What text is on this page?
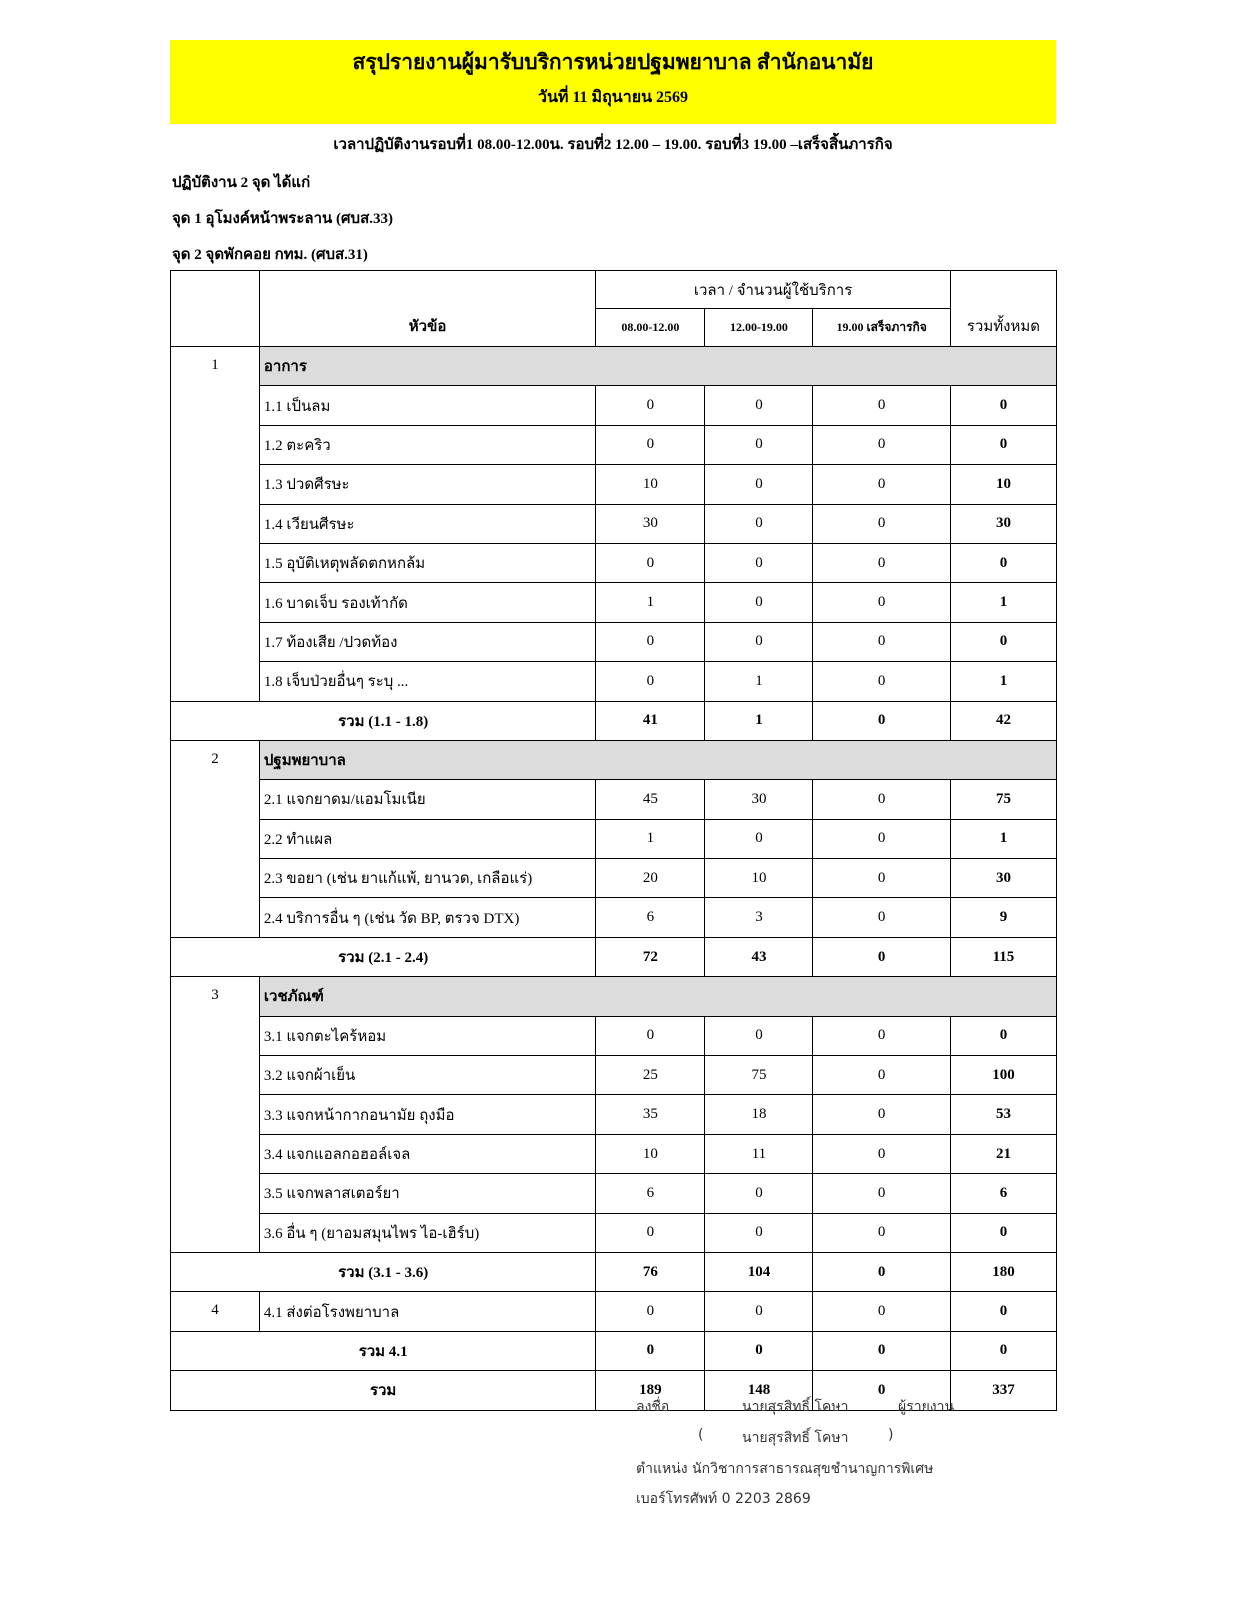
สรุปรายงานผู้มารับบริการหน่วยปฐมพยาบาล สำนักอนามัย
วันที่ 11 มิถุนายน 2569
เวลาปฏิบัติงานรอบที่1 08.00-12.00น. รอบที่2 12.00 – 19.00. รอบที่3 19.00 –เสร็จสิ้นภารกิจ
ปฏิบัติงาน 2 จุด ได้แก่
จุด 1 อุโมงค์หน้าพระลาน (ศบส.33)
จุด 2 จุดพักคอย กทม. (ศบส.31)
	หัวข้อ	เวลา / จำนวนผู้ใช้บริการ			รวมทั้งหมด
		08.00-12.00	12.00-19.00	19.00 เสร็จภารกิจ	
1	อาการ				
	1.1 เป็นลม	0	0	0	0
	1.2 ตะคริว	0	0	0	0
	1.3 ปวดศีรษะ	10	0	0	10
	1.4 เวียนศีรษะ	30	0	0	30
	1.5 อุบัติเหตุพลัดตกหกล้ม	0	0	0	0
	1.6 บาดเจ็บ รองเท้ากัด	1	0	0	1
	1.7 ท้องเสีย /ปวดท้อง	0	0	0	0
	1.8 เจ็บป่วยอื่นๆ ระบุ ...	0	1	0	1
รวม (1.1 - 1.8)		41	1	0	42
2	ปฐมพยาบาล				
	2.1 แจกยาดม/แอมโมเนีย	45	30	0	75
	2.2 ทำแผล	1	0	0	1
	2.3 ขอยา (เช่น ยาแก้แพ้, ยานวด, เกลือแร่)	20	10	0	30
	2.4 บริการอื่น ๆ (เช่น วัด BP, ตรวจ DTX)	6	3	0	9
รวม (2.1 - 2.4)		72	43	0	115
3	เวชภัณฑ์				
	3.1 แจกตะไคร้หอม	0	0	0	0
	3.2 แจกผ้าเย็น	25	75	0	100
	3.3 แจกหน้ากากอนามัย ถุงมือ	35	18	0	53
	3.4 แจกแอลกอฮอล์เจล	10	11	0	21
	3.5 แจกพลาสเตอร์ยา	6	0	0	6
	3.6 อื่น ๆ (ยาอมสมุนไพร ไอ-เฮิร์บ)	0	0	0	0
รวม (3.1 - 3.6)		76	104	0	180
4	4.1 ส่งต่อโรงพยาบาล	0	0	0	0
รวม 4.1		0	0	0	0
รวม		189	148	0	337
ลงชื่อ	นายสุรสิทธิ์ โคษา	ผู้รายงาน
(	นายสุรสิทธิ์ โคษา	)
ตำแหน่ง นักวิชาการสาธารณสุขชำนาญการพิเศษ
เบอร์โทรศัพท์ 0 2203 2869
